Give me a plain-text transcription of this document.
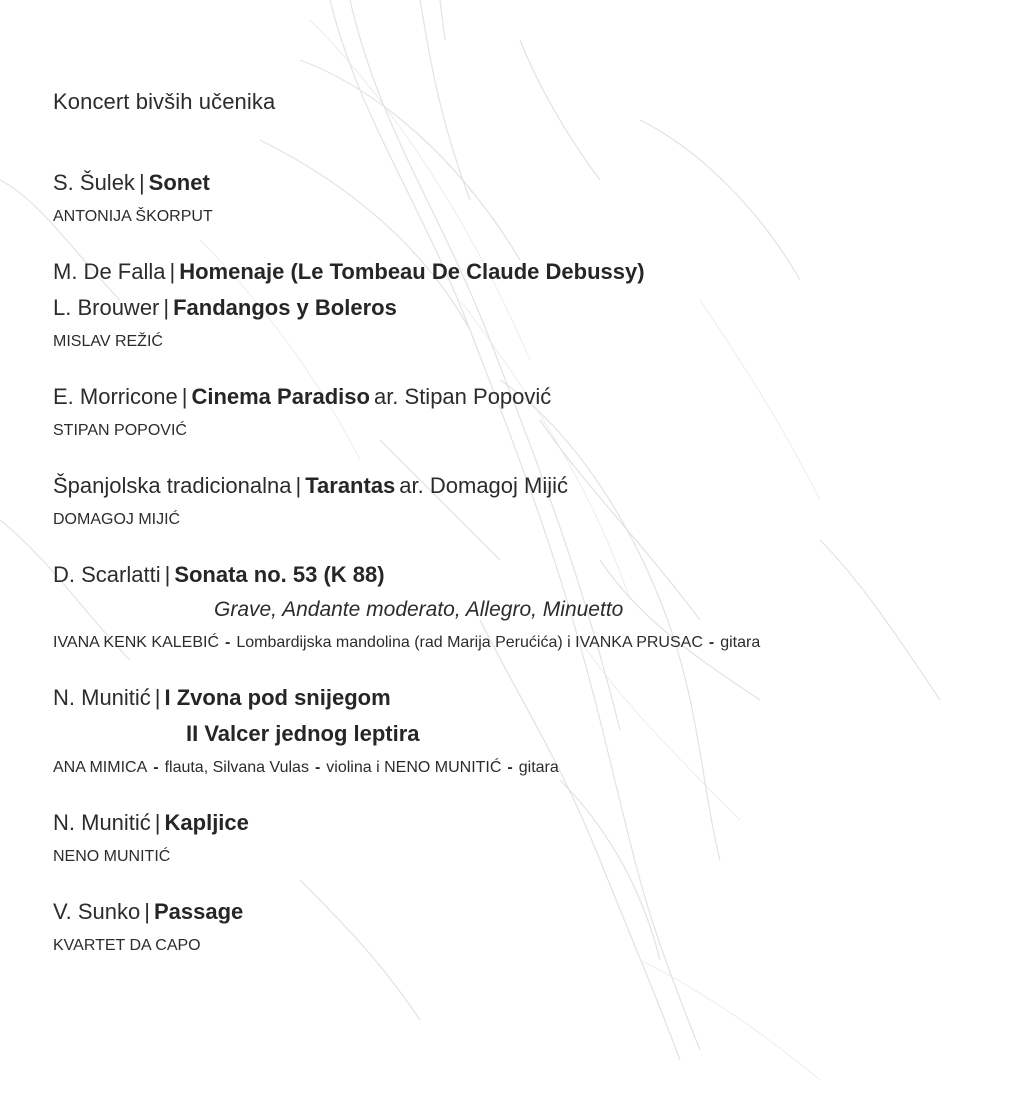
Koncert bivših učenika
S. Šulek | Sonet
ANTONIJA ŠKORPUT
M. De Falla | Homenaje (Le Tombeau De Claude Debussy)
L. Brouwer | Fandangos y Boleros
MISLAV REŽIĆ
E. Morricone | Cinema Paradiso ar. Stipan Popović
STIPAN POPOVIĆ
Španjolska tradicionalna | Tarantas ar. Domagoj Mijić
DOMAGOJ MIJIĆ
D. Scarlatti | Sonata no. 53 (K 88)
Grave, Andante moderato, Allegro, Minuetto
IVANA KENK KALEBIĆ - Lombardijska mandolina (rad Marija Perućića) i IVANKA PRUSAC - gitara
N. Munitić | I Zvona pod snijegom
II Valcer jednog leptira
ANA MIMICA - flauta, Silvana Vulas - violina i NENO MUNITIĆ - gitara
N. Munitić | Kapljice
NENO MUNITIĆ
V. Sunko | Passage
KVARTET DA CAPO
